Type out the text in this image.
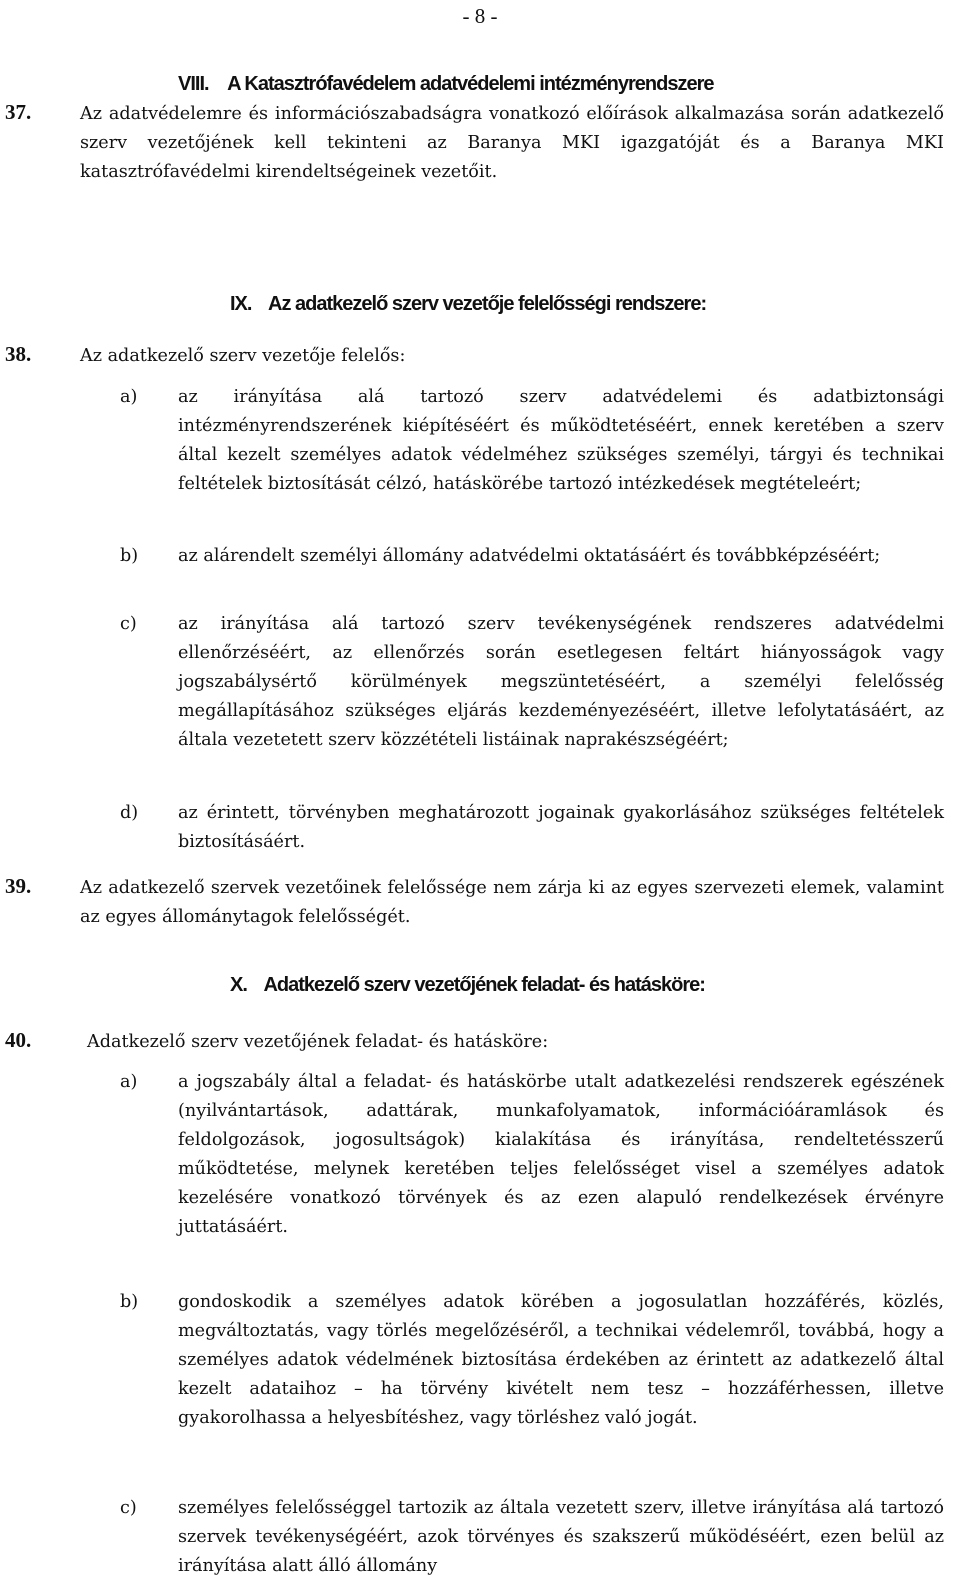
- 8 -
VIII. A Katasztrófavédelem adatvédelemi intézményrendszere
37.	Az adatvédelemre és információszabadságra vonatkozó előírások alkalmazása során adatkezelő szerv vezetőjének kell tekinteni az Baranya MKI igazgatóját és a Baranya MKI katasztrófavédelmi kirendeltségeinek vezetőit.
IX. Az adatkezelő szerv vezetője felelősségi rendszere:
38.	Az adatkezelő szerv vezetője felelős:
a) az irányítása alá tartozó szerv adatvédelemi és adatbiztonsági intézményrendszerének kiépítéséért és működtetéséért, ennek keretében a szerv által kezelt személyes adatok védelméhez szükséges személyi, tárgyi és technikai feltételek biztosítását célzó, hatáskörébe tartozó intézkedések megtételeért;
b) az alárendelt személyi állomány adatvédelmi oktatásáért és továbbképzéséért;
c) az irányítása alá tartozó szerv tevékenységének rendszeres adatvédelmi ellenőrzéséért, az ellenőrzés során esetlegesen feltárt hiányosságok vagy jogszabálysértő körülmények megszüntetéséért, a személyi felelősség megállapításához szükséges eljárás kezdeményezéséért, illetve lefolytatásáért, az általa vezetetett szerv közzétételi listáinak naprakészségéért;
d) az érintett, törvényben meghatározott jogainak gyakorlásához szükséges feltételek biztosításáért.
39.	Az adatkezelő szervek vezetőinek felelőssége nem zárja ki az egyes szervezeti elemek, valamint az egyes állománytagok felelősségét.
X. Adatkezelő szerv vezetőjének feladat- és hatásköre:
40.	Adatkezelő szerv vezetőjének feladat- és hatásköre:
a) a jogszabály által a feladat- és hatáskörbe utalt adatkezelési rendszerek egészének (nyilvántartások, adattárak, munkafolyamatok, információáramlások és feldolgozások, jogosultságok) kialakítása és irányítása, rendeltetésszerű működtetése, melynek keretében teljes felelősséget visel a személyes adatok kezelésére vonatkozó törvények és az ezen alapuló rendelkezések érvényre juttatásáért.
b) gondoskodik a személyes adatok körében a jogosulatlan hozzáférés, közlés, megváltoztatás, vagy törlés megelőzéséről, a technikai védelemről, továbbá, hogy a személyes adatok védelmének biztosítása érdekében az érintett az adatkezelő által kezelt adataihoz – ha törvény kivételt nem tesz – hozzáférhessen, illetve gyakorolhassa a helyesbítéshez, vagy törléshez való jogát.
c) személyes felelősséggel tartozik az általa vezetett szerv, illetve irányítása alá tartozó szervek tevékenységéért, azok törvényes és szakszerű működéséért, ezen belül az irányítása alatt álló állomány
